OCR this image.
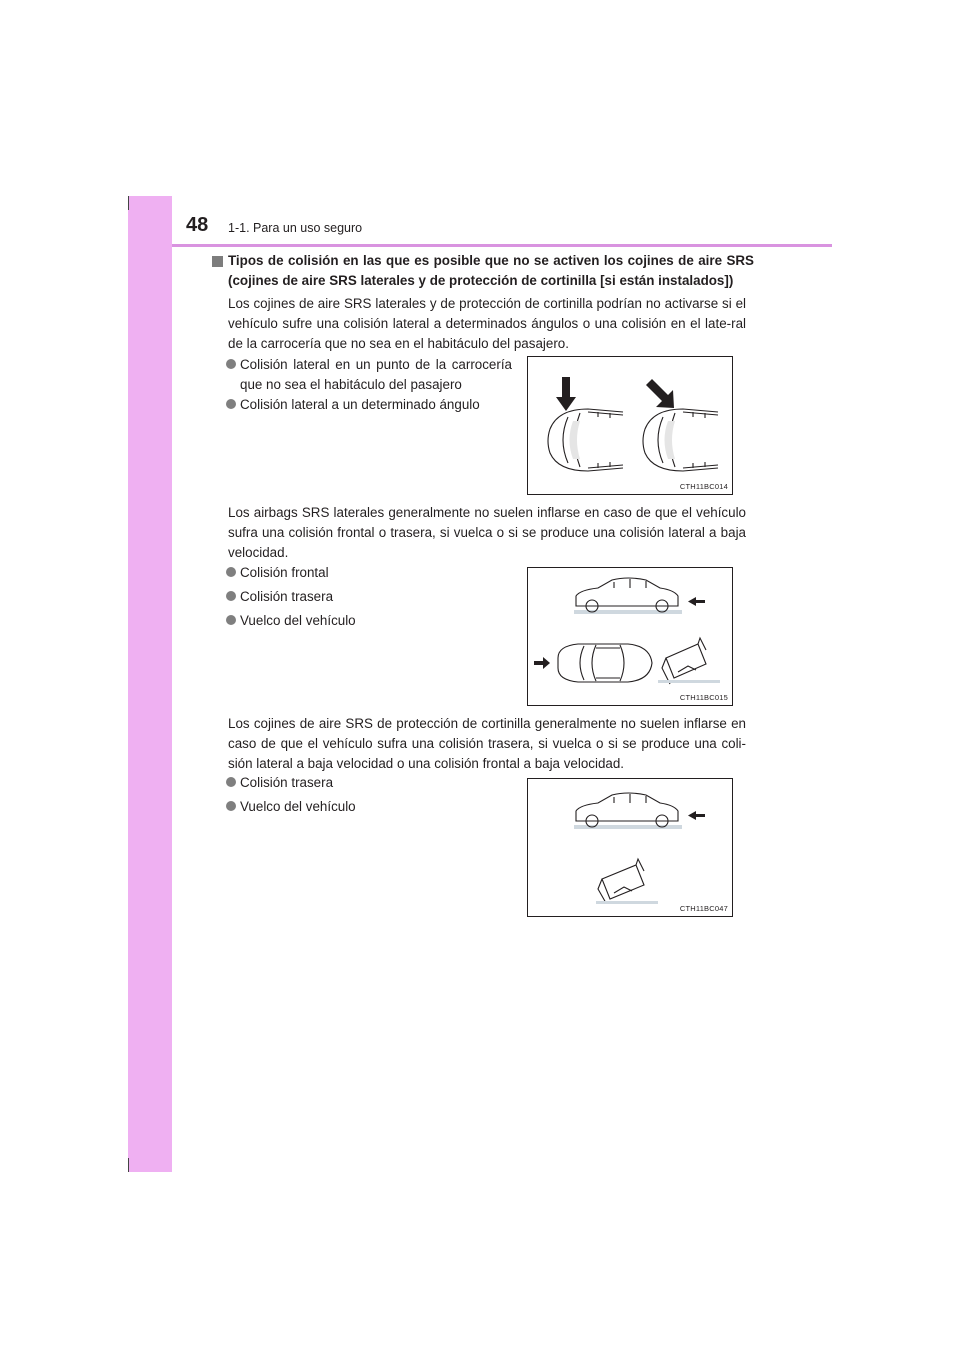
48 1-1. Para un uso seguro
Tipos de colisión en las que es posible que no se activen los cojines de aire SRS (cojines de aire SRS laterales y de protección de cortinilla [si están instalados])
Los cojines de aire SRS laterales y de protección de cortinilla podrían no activarse si el vehículo sufre una colisión lateral a determinados ángulos o una colisión en el late-ral de la carrocería que no sea en el habitáculo del pasajero.
Colisión lateral en un punto de la carrocería
que no sea el habitáculo del pasajero
Colisión lateral a un determinado ángulo
CTH11BC014
Los airbags SRS laterales generalmente no suelen inflarse en caso de que el vehículo sufra una colisión frontal o trasera, si vuelca o si se produce una colisión lateral a baja velocidad.
Colisión frontal
Colisión trasera
Vuelco del vehículo
CTH11BC015
Los cojines de aire SRS de protección de cortinilla generalmente no suelen inflarse en caso de que el vehículo sufra una colisión trasera, si vuelca o si se produce una coli-sión lateral a baja velocidad o una colisión frontal a baja velocidad.
Colisión trasera
Vuelco del vehículo
CTH11BC047
